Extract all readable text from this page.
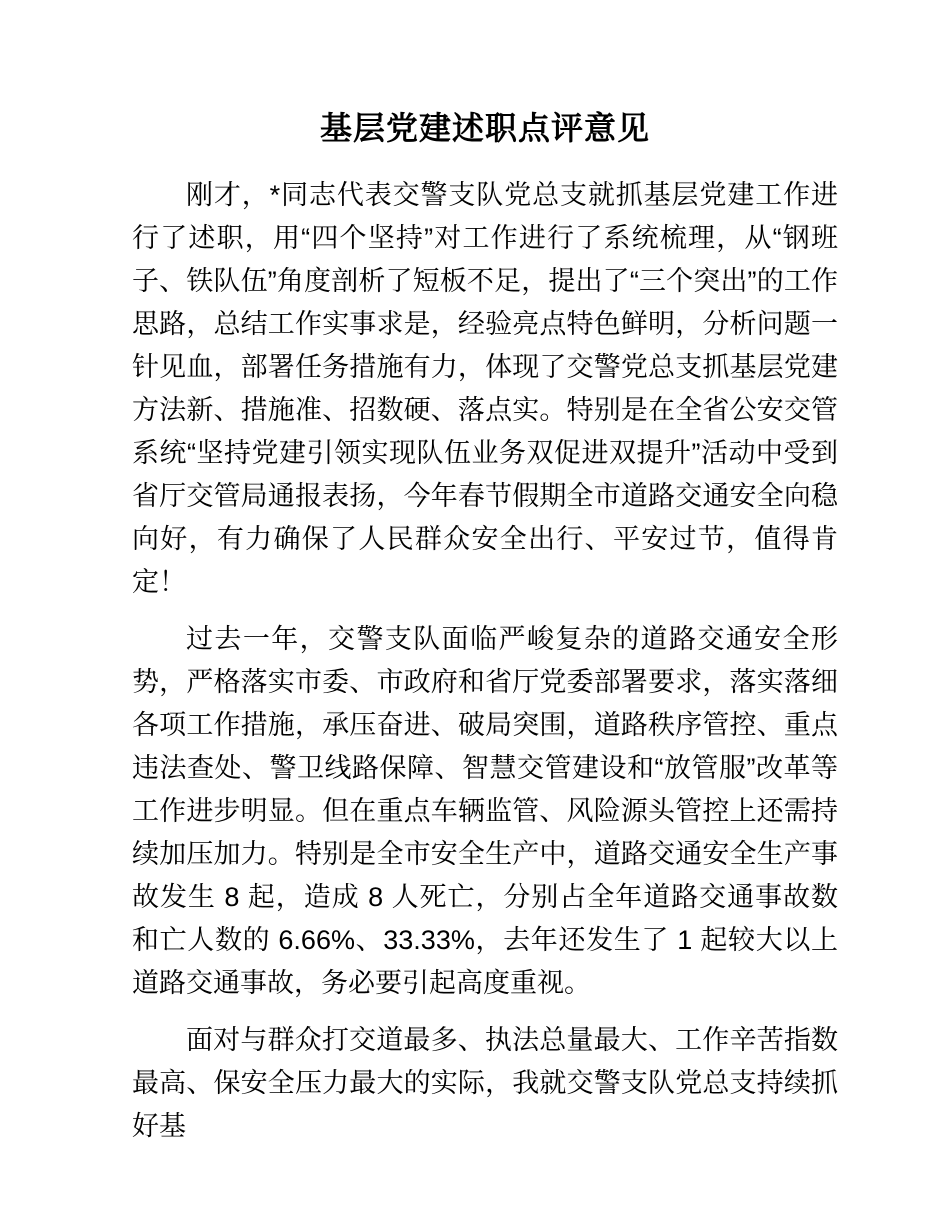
基层党建述职点评意见

刚才，*同志代表交警支队党总支就抓基层党建工作进行了述职，用“四个坚持”对工作进行了系统梳理，从“钢班子、铁队伍”角度剖析了短板不足，提出了“三个突出”的工作思路，总结工作实事求是，经验亮点特色鲜明，分析问题一针见血，部署任务措施有力，体现了交警党总支抓基层党建方法新、措施准、招数硬、落点实。特别是在全省公安交管系统“坚持党建引领实现队伍业务双促进双提升”活动中受到省厅交管局通报表扬，今年春节假期全市道路交通安全向稳向好，有力确保了人民群众安全出行、平安过节，值得肯定！

过去一年，交警支队面临严峻复杂的道路交通安全形势，严格落实市委、市政府和省厅党委部署要求，落实落细各项工作措施，承压奋进、破局突围，道路秩序管控、重点违法查处、警卫线路保障、智慧交管建设和“放管服”改革等工作进步明显。但在重点车辆监管、风险源头管控上还需持续加压加力。特别是全市安全生产中，道路交通安全生产事故发生 8 起，造成 8 人死亡，分别占全年道路交通事故数和亡人数的 6.66%、33.33%，去年还发生了 1 起较大以上道路交通事故，务必要引起高度重视。

面对与群众打交道最多、执法总量最大、工作辛苦指数最高、保安全压力最大的实际，我就交警支队党总支持续抓好基
